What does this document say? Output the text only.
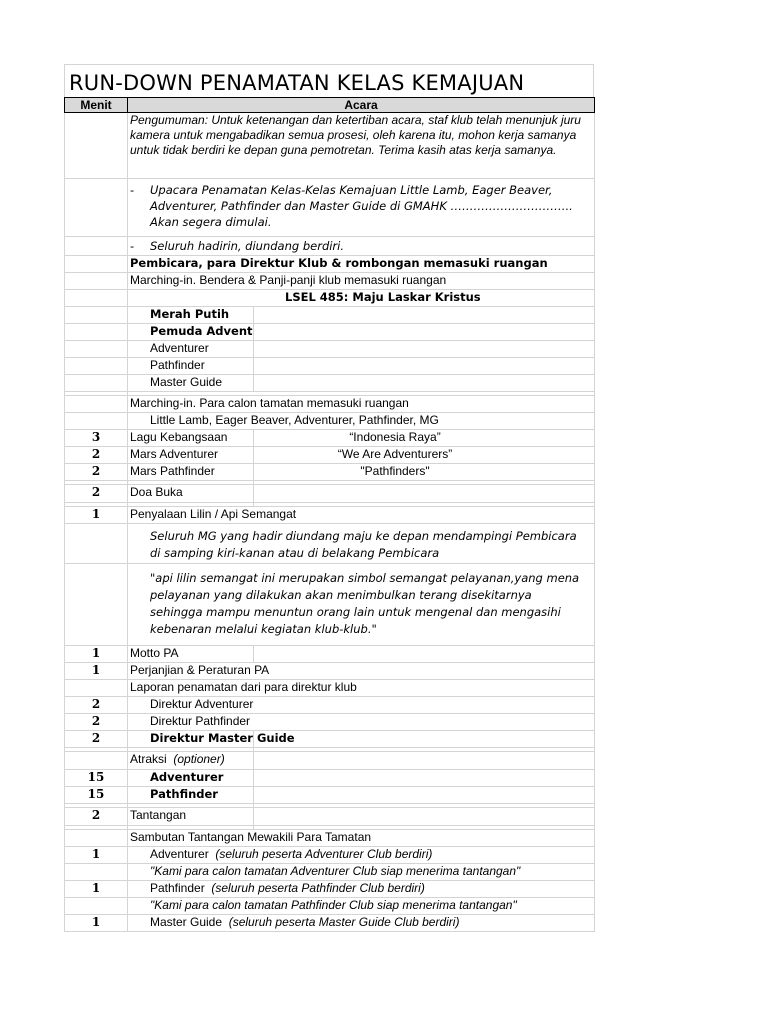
RUN-DOWN PENAMATAN KELAS KEMAJUAN
Menit	Acara	
	Pengumuman: Untuk ketenangan dan ketertiban acara, staf klub telah menunjuk juru kamera untuk mengabadikan semua prosesi, oleh karena itu, mohon kerja samanya untuk tidak berdiri ke depan guna pemotretan. Terima kasih atas kerja samanya.	

	- Upacara Penamatan Kelas-Kelas Kemajuan Little Lamb, Eager Beaver, Adventurer, Pathfinder dan Master Guide di GMAHK ………………………….. Akan segera dimulai.	

	- Seluruh hadirin, diundang berdiri.	
	Pembicara, para Direktur Klub & rombongan memasuki ruangan	
	Marching-in. Bendera & Panji-panji klub memasuki ruangan	
	LSEL 485: Maju Laskar Kristus	
	Merah Putih	
	Pemuda Advent	
	Adventurer	
	Pathfinder	
	Master Guide	

	Marching-in. Para calon tamatan memasuki ruangan	
	Little Lamb, Eager Beaver, Adventurer, Pathfinder, MG	
3	Lagu Kebangsaan	“Indonesia Raya”
2	Mars Adventurer	“We Are Adventurers”
2	Mars Pathfinder	"Pathfinders"

2	Doa Buka	

1	Penyalaan Lilin / Api Semangat	
	Seluruh MG yang hadir diundang maju ke depan mendampingi Pembicara di samping kiri-kanan atau di belakang Pembicara	
	"api lilin semangat ini merupakan simbol semangat pelayanan,yang mena pelayanan yang dilakukan akan menimbulkan terang disekitarnya sehingga mampu menuntun orang lain untuk mengenal dan mengasihi kebenaran melalui kegiatan klub-klub."	
1	Motto PA	
1	Perjanjian & Peraturan PA	
	Laporan penamatan dari para direktur klub	
2	Direktur Adventurer	
2	Direktur Pathfinder	
2	Direktur Master Guide	

	Atraksi (optioner)	
15	Adventurer	
15	Pathfinder	

2	Tantangan	

	Sambutan Tantangan Mewakili Para Tamatan	
1	Adventurer (seluruh peserta Adventurer Club berdiri)	
	"Kami para calon tamatan Adventurer Club siap menerima tantangan"	
1	Pathfinder (seluruh peserta Pathfinder Club berdiri)	
	"Kami para calon tamatan Pathfinder Club siap menerima tantangan"	
1	Master Guide (seluruh peserta Master Guide Club berdiri)	
